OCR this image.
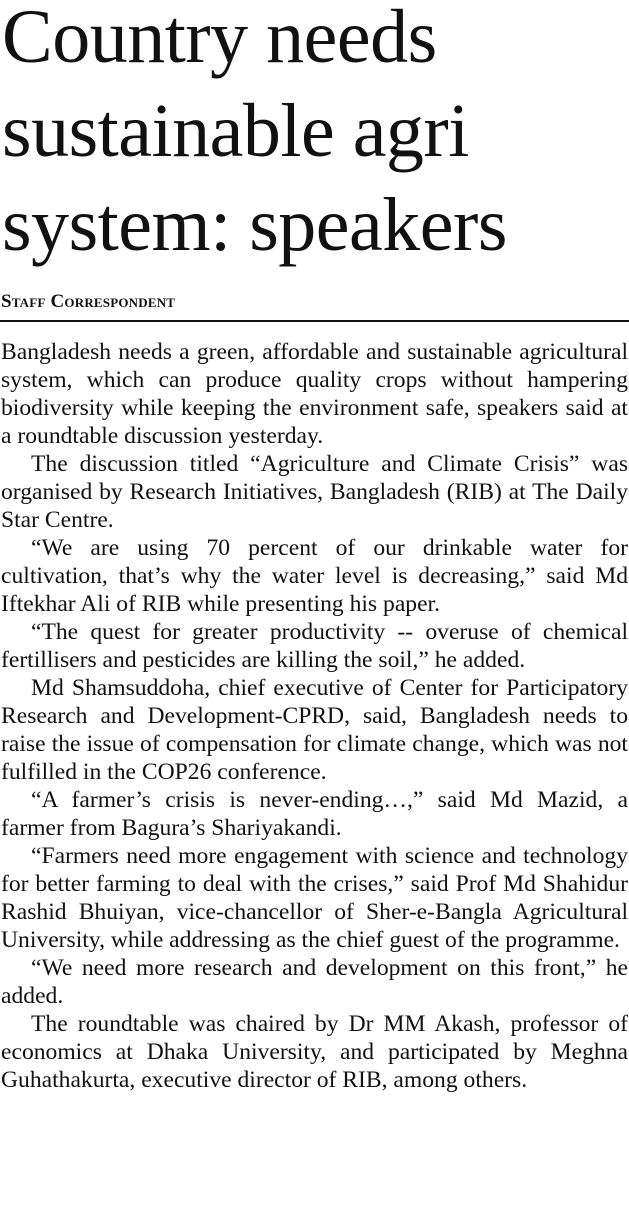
Country needs
sustainable agri
system: speakers
Staff Correspondent

Bangladesh needs a green, affordable and sustainable agricultural system, which can produce quality crops without hampering biodiversity while keeping the environment safe, speakers said at a roundtable discussion yesterday.

The discussion titled “Agriculture and Climate Crisis” was organised by Research Initiatives, Bangladesh (RIB) at The Daily Star Centre.

“We are using 70 percent of our drinkable water for cultivation, that’s why the water level is decreasing,” said Md Iftekhar Ali of RIB while presenting his paper.

“The quest for greater productivity -- overuse of chemical fertillisers and pesticides are killing the soil,” he added.

Md Shamsuddoha, chief executive of Center for Participatory Research and Development-CPRD, said, Bangladesh needs to raise the issue of compensation for climate change, which was not fulfilled in the COP26 conference.

“A farmer’s crisis is never-ending…,” said Md Mazid, a farmer from Bagura’s Shariyakandi.

“Farmers need more engagement with science and technology for better farming to deal with the crises,” said Prof Md Shahidur Rashid Bhuiyan, vice-chancellor of Sher-e-Bangla Agricultural University, while addressing as the chief guest of the programme.

“We need more research and development on this front,” he added.

The roundtable was chaired by Dr MM Akash, professor of economics at Dhaka University, and participated by Meghna Guhathakurta, executive director of RIB, among others.
